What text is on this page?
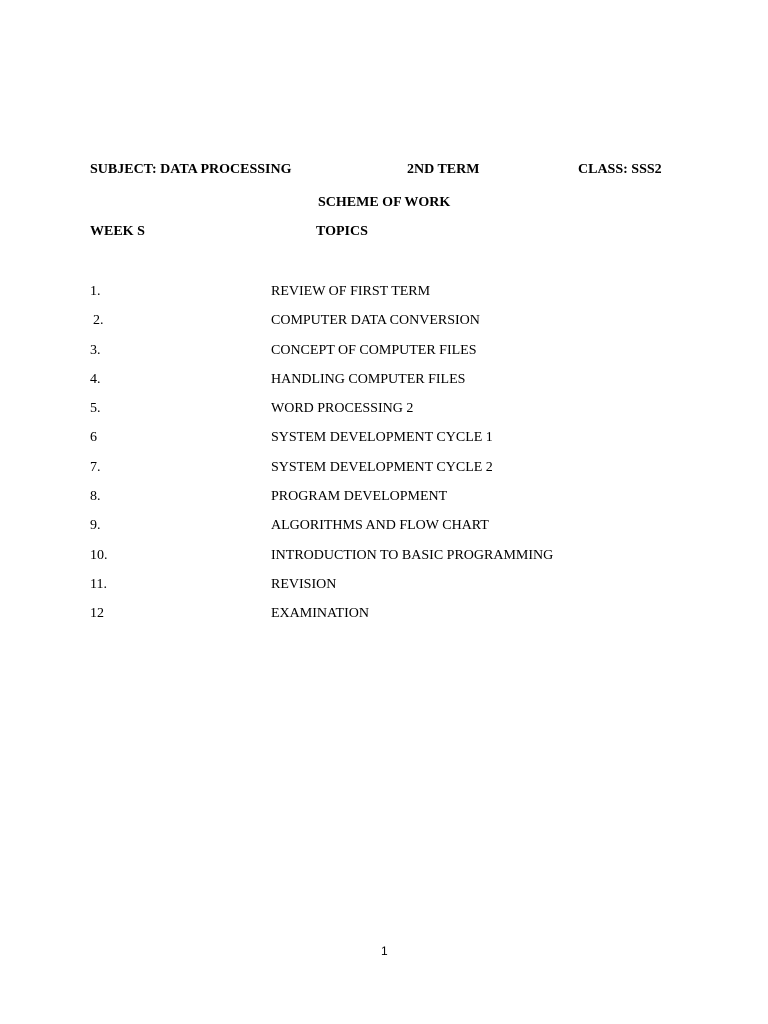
SUBJECT: DATA PROCESSING	2ND TERM	CLASS: SSS2
SCHEME OF WORK
WEEK S	TOPICS
1.	REVIEW OF FIRST TERM
2.	COMPUTER DATA CONVERSION
3.	CONCEPT OF COMPUTER FILES
4.	HANDLING COMPUTER FILES
5.	WORD PROCESSING 2
6	SYSTEM DEVELOPMENT CYCLE 1
7.	SYSTEM DEVELOPMENT CYCLE 2
8.	PROGRAM DEVELOPMENT
9.	ALGORITHMS AND FLOW CHART
10.	INTRODUCTION TO BASIC PROGRAMMING
11.	REVISION
12	EXAMINATION
1
